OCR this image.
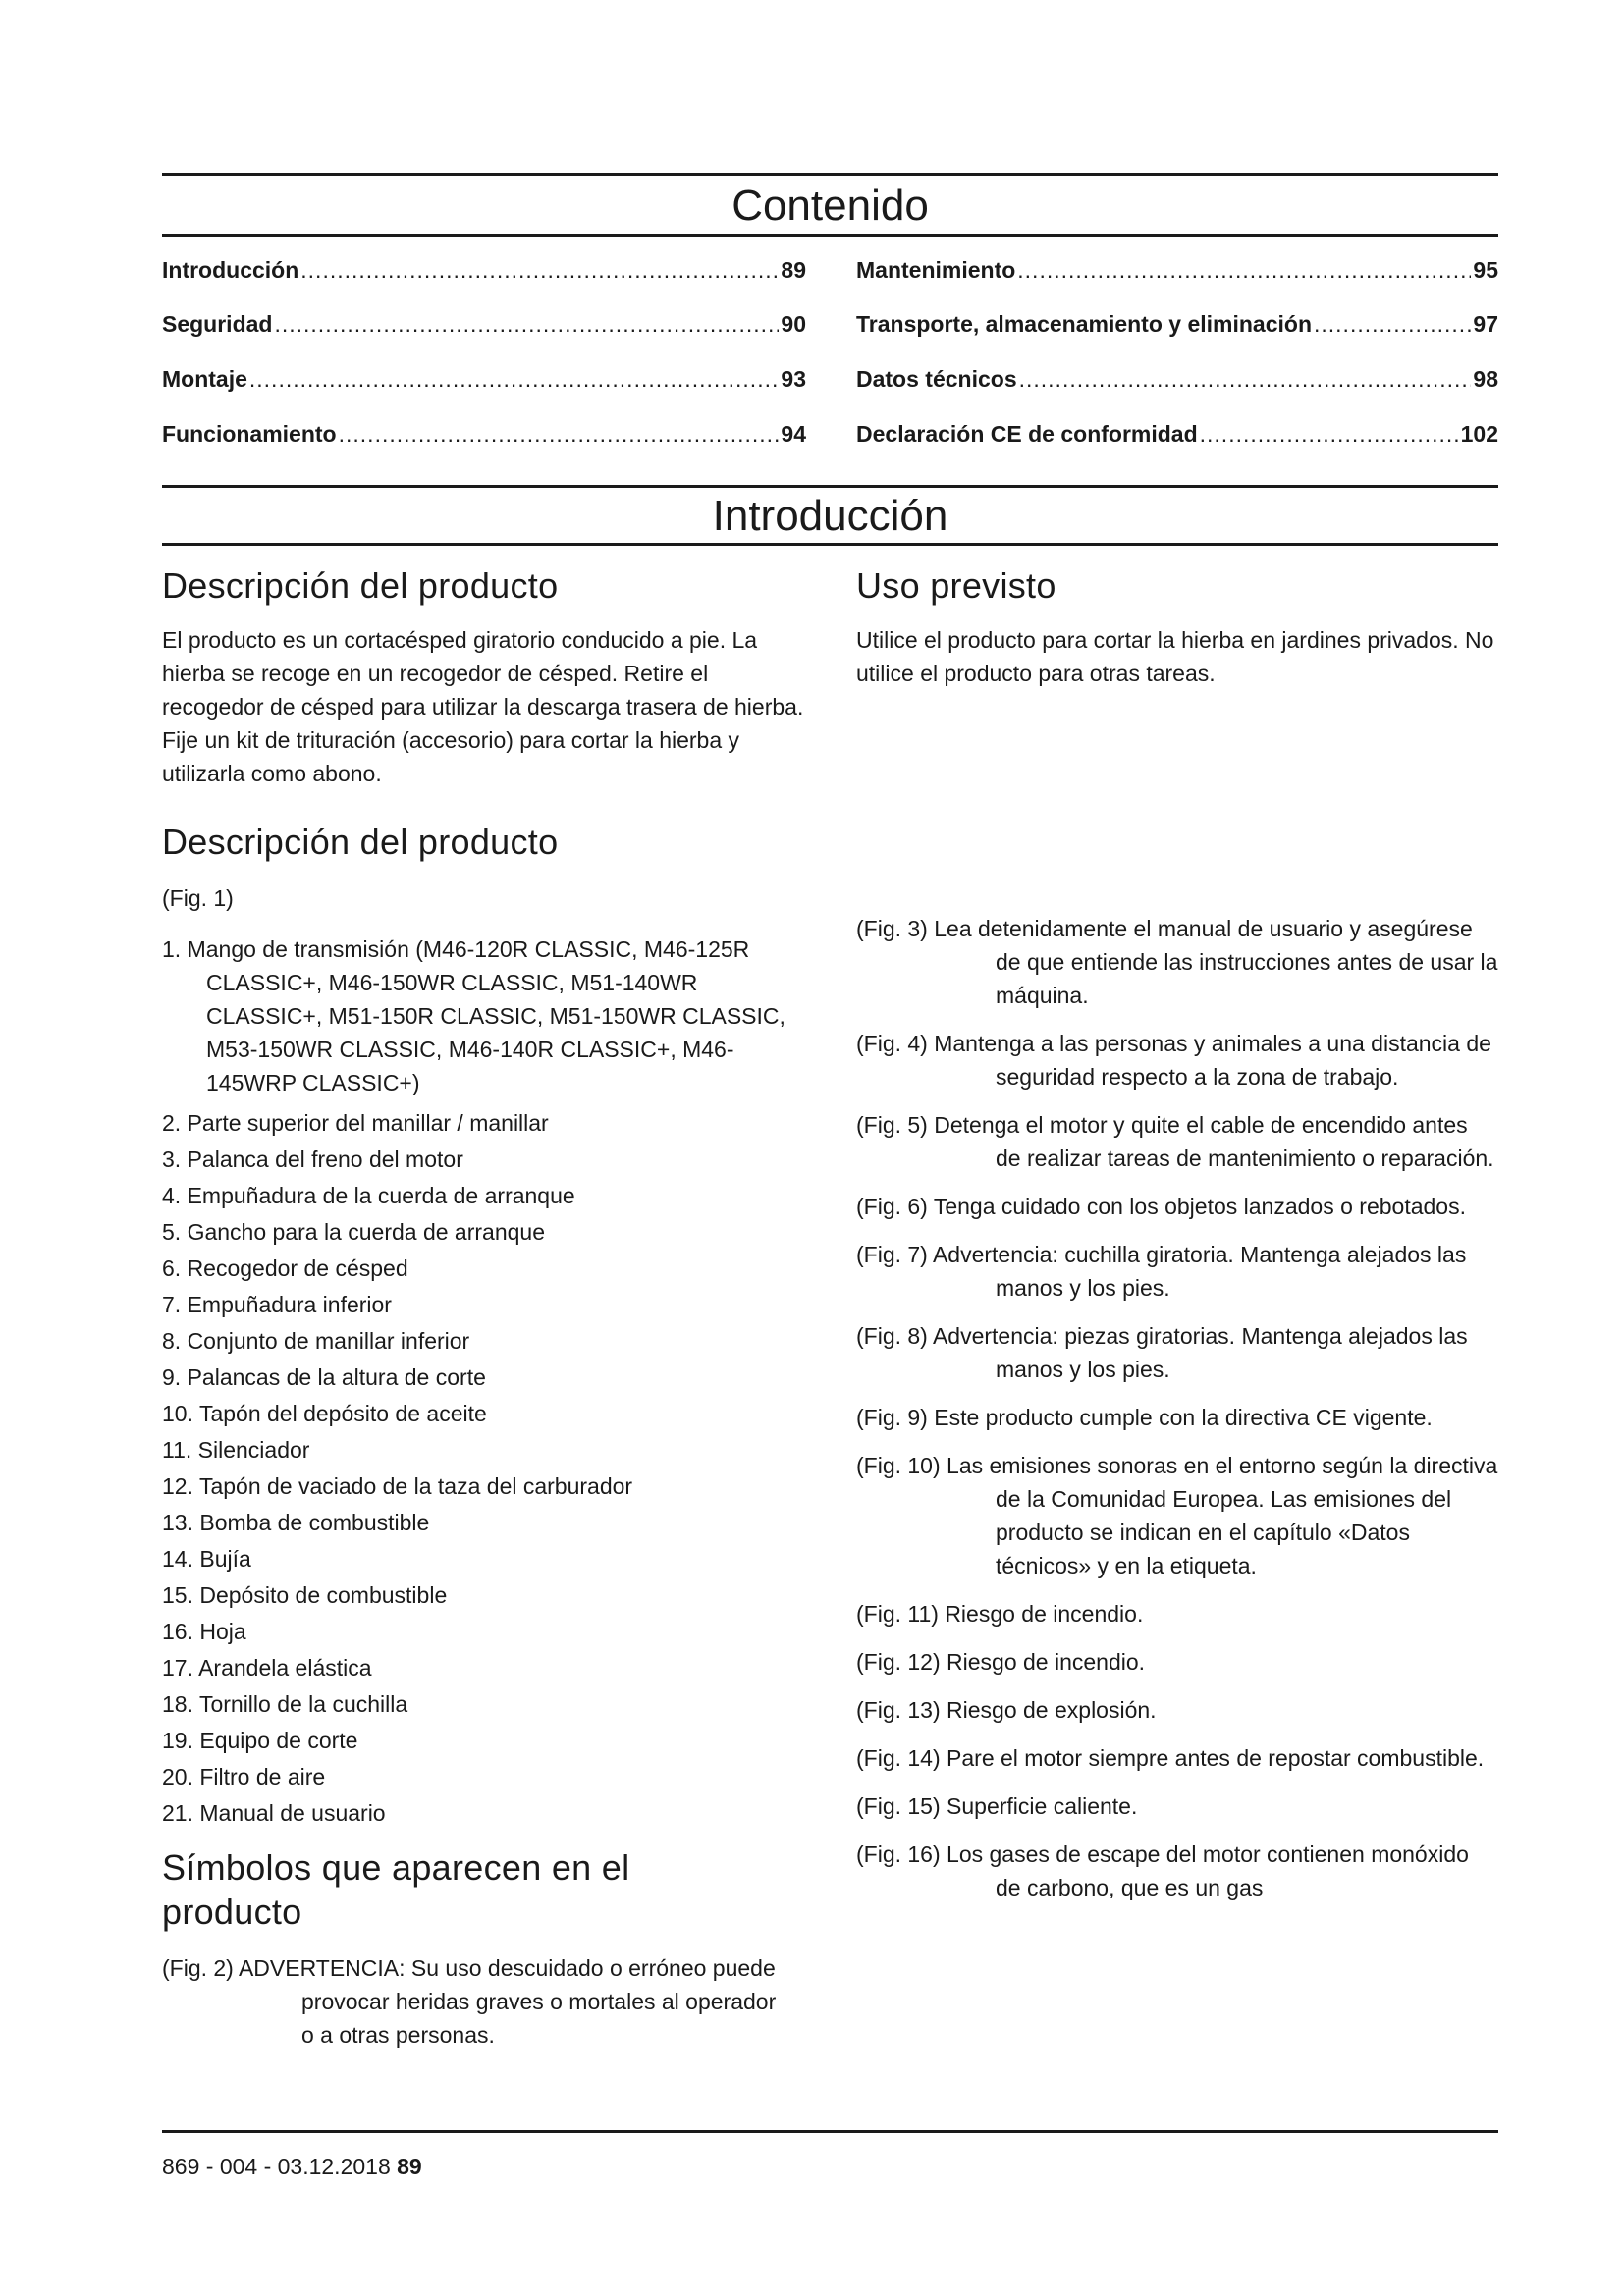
Contenido
Introducción .....	89
Seguridad .....	90
Montaje .....	93
Funcionamiento .....	94
Mantenimiento .....	95
Transporte, almacenamiento y eliminación .....	97
Datos técnicos .....	98
Declaración CE de conformidad .....	102
Introducción
Descripción del producto

El producto es un cortacésped giratorio conducido a pie. La hierba se recoge en un recogedor de césped. Retire el recogedor de césped para utilizar la descarga trasera de hierba. Fije un kit de trituración (accesorio) para cortar la hierba y utilizarla como abono.

Descripción del producto

(Fig. 1)

1. Mango de transmisión (M46-120R CLASSIC, M46-125R CLASSIC+, M46-150WR CLASSIC, M51-140WR CLASSIC+, M51-150R CLASSIC, M51-150WR CLASSIC, M53-150WR CLASSIC, M46-140R CLASSIC+, M46-145WRP CLASSIC+)
2. Parte superior del manillar / manillar
3. Palanca del freno del motor
4. Empuñadura de la cuerda de arranque
5. Gancho para la cuerda de arranque
6. Recogedor de césped
7. Empuñadura inferior
8. Conjunto de manillar inferior
9. Palancas de la altura de corte
10. Tapón del depósito de aceite
11. Silenciador
12. Tapón de vaciado de la taza del carburador
13. Bomba de combustible
14. Bujía
15. Depósito de combustible
16. Hoja
17. Arandela elástica
18. Tornillo de la cuchilla
19. Equipo de corte
20. Filtro de aire
21. Manual de usuario
Símbolos que aparecen en el producto
(Fig. 2) ADVERTENCIA: Su uso descuidado o erróneo puede provocar heridas graves o mortales al operador o a otras personas.
Uso previsto

Utilice el producto para cortar la hierba en jardines privados. No utilice el producto para otras tareas.

(Fig. 3) Lea detenidamente el manual de usuario y asegúrese de que entiende las instrucciones antes de usar la máquina.
(Fig. 4) Mantenga a las personas y animales a una distancia de seguridad respecto a la zona de trabajo.
(Fig. 5) Detenga el motor y quite el cable de encendido antes de realizar tareas de mantenimiento o reparación.
(Fig. 6) Tenga cuidado con los objetos lanzados o rebotados.
(Fig. 7) Advertencia: cuchilla giratoria. Mantenga alejados las manos y los pies.
(Fig. 8) Advertencia: piezas giratorias. Mantenga alejados las manos y los pies.
(Fig. 9) Este producto cumple con la directiva CE vigente.
(Fig. 10) Las emisiones sonoras en el entorno según la directiva de la Comunidad Europea. Las emisiones del producto se indican en el capítulo «Datos técnicos» y en la etiqueta.
(Fig. 11) Riesgo de incendio.
(Fig. 12) Riesgo de incendio.
(Fig. 13) Riesgo de explosión.
(Fig. 14) Pare el motor siempre antes de repostar combustible.
(Fig. 15) Superficie caliente.
(Fig. 16) Los gases de escape del motor contienen monóxido de carbono, que es un gas
869 - 004 - 03.12.2018 89
